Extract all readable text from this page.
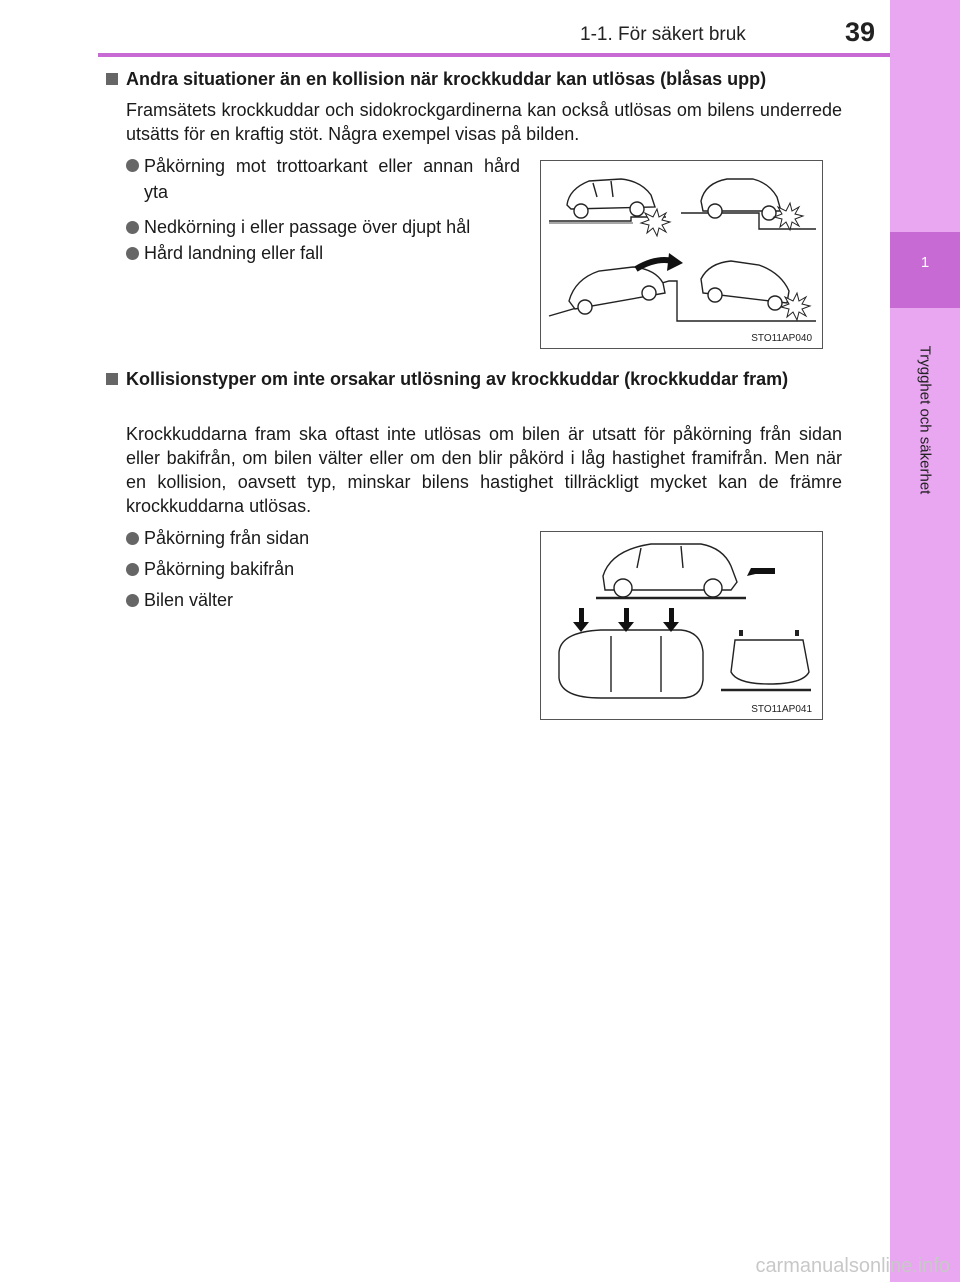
1
Trygghet och säkerhet
1-1. För säkert bruk	39
Andra situationer än en kollision när krockkuddar kan utlösas (blåsas upp)
Framsätets krockkuddar och sidokrockgardinerna kan också utlösas om bilens underrede utsätts för en kraftig stöt. Några exempel visas på bilden.
Påkörning mot trottoarkant eller annan hård yta
Nedkörning i eller passage över djupt hål
Hård landning eller fall
STO11AP040
Kollisionstyper om inte orsakar utlösning av krockkuddar (krockkuddar fram)
Krockkuddarna fram ska oftast inte utlösas om bilen är utsatt för påkörning från sidan eller bakifrån, om bilen välter eller om den blir påkörd i låg hastighet framifrån. Men när en kollision, oavsett typ, minskar bilens hastighet tillräckligt mycket kan de främre krockkuddarna utlösas.
Påkörning från sidan
Påkörning bakifrån
Bilen välter
STO11AP041
carmanualsonline.info
